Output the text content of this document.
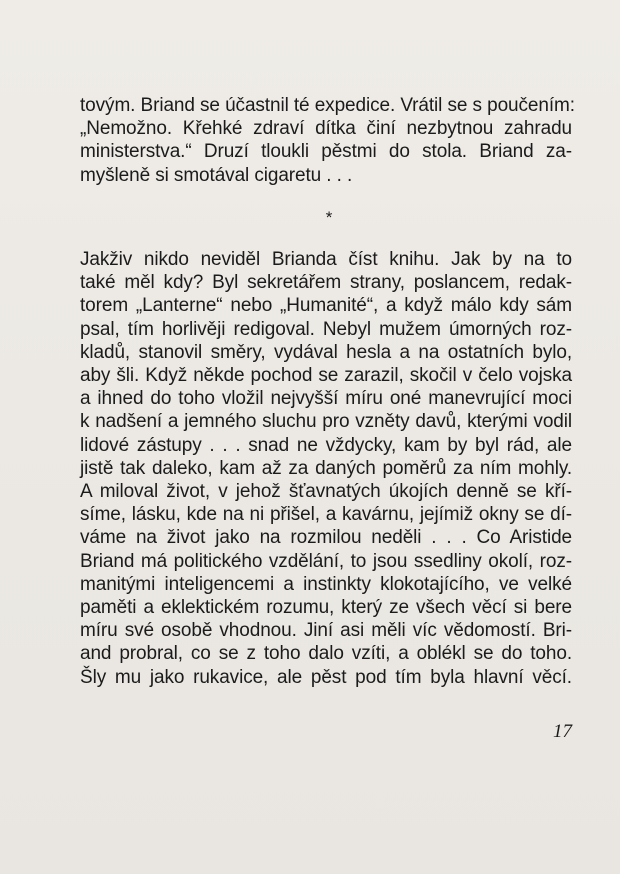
tovým. Briand se účastnil té expedice. Vrátil se s poučením:
„Nemožno. Křehké zdraví dítka činí nezbytnou zahradu
ministerstva.“ Druzí tloukli pěstmi do stola. Briand za-
myšleně si smotával cigaretu . . .
*
Jakživ nikdo neviděl Brianda číst knihu. Jak by na to
také měl kdy? Byl sekretářem strany, poslancem, redak-
torem „Lanterne“ nebo „Humanité“, a když málo kdy sám
psal, tím horlivěji redigoval. Nebyl mužem úmorných roz-
kladů, stanovil směry, vydával hesla a na ostatních bylo,
aby šli. Když někde pochod se zarazil, skočil v čelo vojska
a ihned do toho vložil nejvyšší míru oné manevrující moci
k nadšení a jemného sluchu pro vzněty davů, kterými vodil
lidové zástupy . . . snad ne vždycky, kam by byl rád, ale
jistě tak daleko, kam až za daných poměrů za ním mohly.
A miloval život, v jehož šťavnatých úkojích denně se kří-
síme, lásku, kde na ni přišel, a kavárnu, jejímiž okny se dí-
váme na život jako na rozmilou neděli . . . Co Aristide
Briand má politického vzdělání, to jsou ssedliny okolí, roz-
manitými inteligencemi a instinkty klokotajícího, ve velké
paměti a eklektickém rozumu, který ze všech věcí si bere
míru své osobě vhodnou. Jiní asi měli víc vědomostí. Bri-
and probral, co se z toho dalo vzíti, a oblékl se do toho.
Šly mu jako rukavice, ale pěst pod tím byla hlavní věcí.
17
